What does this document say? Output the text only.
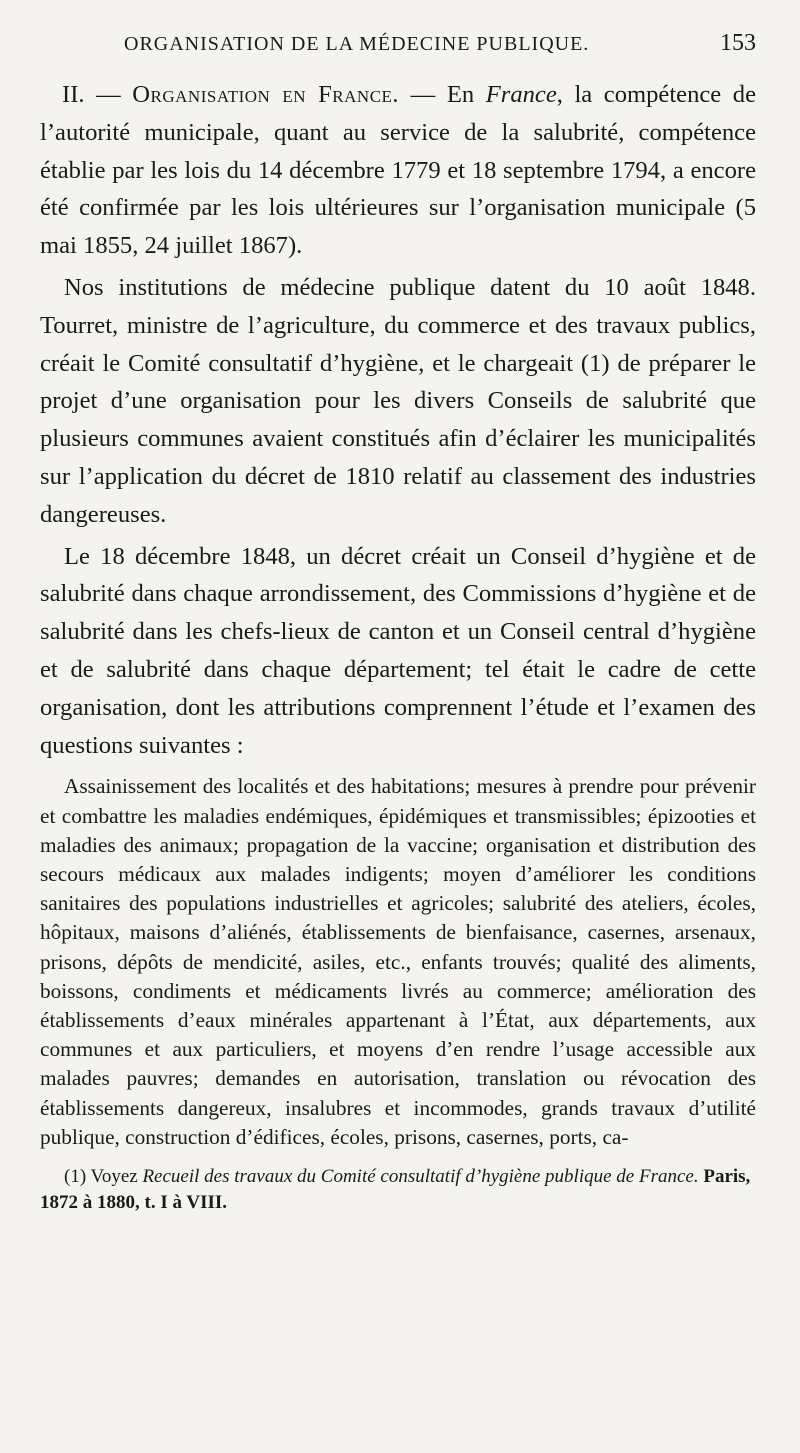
ORGANISATION DE LA MÉDECINE PUBLIQUE.	153

II. — Organisation en France. — En France, la compétence de l’autorité municipale, quant au service de la salubrité, compétence établie par les lois du 14 décembre 1779 et 18 septembre 1794, a encore été confirmée par les lois ultérieures sur l’organisation municipale (5 mai 1855, 24 juillet 1867).

Nos institutions de médecine publique datent du 10 août 1848. Tourret, ministre de l’agriculture, du commerce et des travaux publics, créait le Comité consultatif d’hygiène, et le chargeait (1) de préparer le projet d’une organisation pour les divers Conseils de salubrité que plusieurs communes avaient constitués afin d’éclairer les municipalités sur l’application du décret de 1810 relatif au classement des industries dangereuses.

Le 18 décembre 1848, un décret créait un Conseil d’hygiène et de salubrité dans chaque arrondissement, des Commissions d’hygiène et de salubrité dans les chefs-lieux de canton et un Conseil central d’hygiène et de salubrité dans chaque département; tel était le cadre de cette organisation, dont les attributions comprennent l’étude et l’examen des questions suivantes :

Assainissement des localités et des habitations; mesures à prendre pour prévenir et combattre les maladies endémiques, épidémiques et transmissibles; épizooties et maladies des animaux; propagation de la vaccine; organisation et distribution des secours médicaux aux malades indigents; moyen d’améliorer les conditions sanitaires des populations industrielles et agricoles; salubrité des ateliers, écoles, hôpitaux, maisons d’aliénés, établissements de bienfaisance, casernes, arsenaux, prisons, dépôts de mendicité, asiles, etc., enfants trouvés; qualité des aliments, boissons, condiments et médicaments livrés au commerce; amélioration des établissements d’eaux minérales appartenant à l’État, aux départements, aux communes et aux particuliers, et moyens d’en rendre l’usage accessible aux malades pauvres; demandes en autorisation, translation ou révocation des établissements dangereux, insalubres et incommodes, grands travaux d’utilité publique, construction d’édifices, écoles, prisons, casernes, ports, ca-
(1) Voyez Recueil des travaux du Comité consultatif d’hygiène publique de France. Paris, 1872 à 1880, t. I à VIII.
